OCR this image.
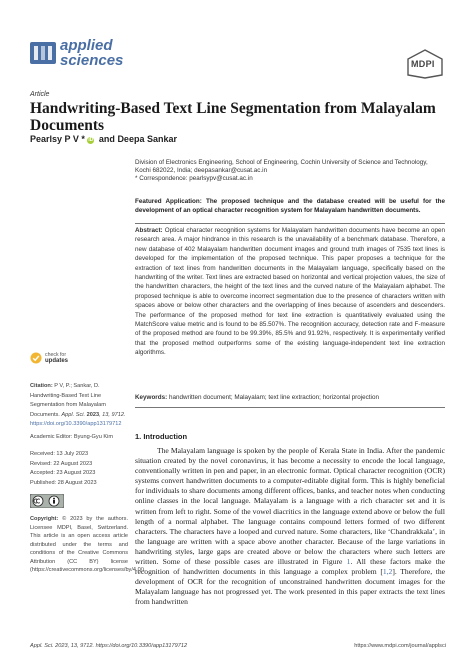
applied
sciences	MDPI
Article
Handwriting-Based Text Line Segmentation from Malayalam Documents
Pearlsy P V * iD and Deepa Sankar
Division of Electronics Engineering, School of Engineering, Cochin University of Science and Technology,
Kochi 682022, India; deepasankar@cusat.ac.in
* Correspondence: pearlsypv@cusat.ac.in
Featured Application: The proposed technique and the database created will be useful for the development of an optical character recognition system for Malayalam handwritten documents.
Abstract: Optical character recognition systems for Malayalam handwritten documents have become an open research area. A major hindrance in this research is the unavailability of a benchmark database. Therefore, a new database of 402 Malayalam handwritten document images and ground truth images of 7535 text lines is developed for the implementation of the proposed technique. This paper proposes a technique for the extraction of text lines from handwritten documents in the Malayalam language, specifically based on the handwriting of the writer. Text lines are extracted based on horizontal and vertical projection values, the size of the handwritten characters, the height of the text lines and the curved nature of the Malayalam alphabet. The proposed technique is able to overcome incorrect segmentation due to the presence of characters written with spaces above or below other characters and the overlapping of lines because of ascenders and descenders. The performance of the proposed method for text line extraction is quantitatively evaluated using the MatchScore value metric and is found to be 85.507%. The recognition accuracy, detection rate and F-measure of the proposed method are found to be 99.39%, 85.5% and 91.92%, respectively. It is experimentally verified that the proposed method outperforms some of the existing language-independent text line extraction algorithms.
Keywords: handwritten document; Malayalam; text line extraction; horizontal projection
check for
updates
Citation: P V, P.; Sankar, D. Handwriting-Based Text Line Segmentation from Malayalam Documents. Appl. Sci. 2023, 13, 9712. https://doi.org/10.3390/app13179712
Academic Editor: Byung-Gyu Kim
Received: 13 July 2023
Revised: 22 August 2023
Accepted: 23 August 2023
Published: 28 August 2023
Copyright: © 2023 by the authors. Licensee MDPI, Basel, Switzerland. This article is an open access article distributed under the terms and conditions of the Creative Commons Attribution (CC BY) license (https://creativecommons.org/licenses/by/4.0/).
1. Introduction
The Malayalam language is spoken by the people of Kerala State in India. After the pandemic situation created by the novel coronavirus, it has become a necessity to encode the local language, conventionally written in pen and paper, in an electronic format. Optical character recognition (OCR) systems convert handwritten documents to a computer-editable digital form. This is highly beneficial for individuals to share documents among different offices, banks, and teacher notes when conducting online classes in the local language. Malayalam is a language with a rich character set and it is written from left to right. Some of the vowel diacritics in the language extend above or below the full length of a normal alphabet. The language contains compound letters formed of two different characters. The characters have a looped and curved nature. Some characters, like ‘Chandrakkala’, in the language are written with a space above another character. Because of the large variations in handwriting styles, large gaps are created above or below the characters where such letters are written. Some of these possible cases are illustrated in Figure 1. All these factors make the recognition of handwritten documents in this language a complex problem [1,2]. Therefore, the development of OCR for the recognition of unconstrained handwritten document images for the Malayalam language has not progressed yet. The work presented in this paper extracts the text lines from handwritten
Appl. Sci. 2023, 13, 9712. https://doi.org/10.3390/app13179712	https://www.mdpi.com/journal/applsci
